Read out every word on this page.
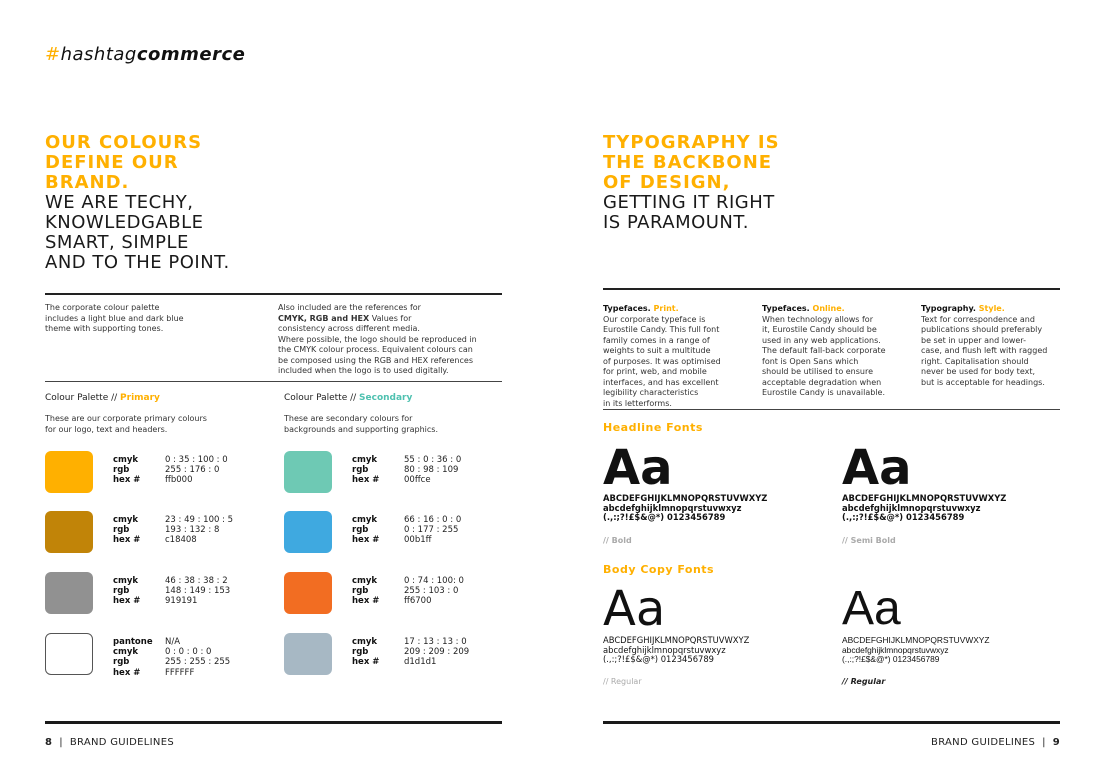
#hashtagcommerce
OUR COLOURS
DEFINE OUR
BRAND.
WE ARE TECHY,
KNOWLEDGABLE
SMART, SIMPLE
AND TO THE POINT.
The corporate colour palette
includes a light blue and dark blue
theme with supporting tones.
Also included are the references for
CMYK, RGB and HEX Values for
consistency across different media.
Where possible, the logo should be reproduced in
the CMYK colour process. Equivalent colours can
be composed using the RGB and HEX references
included when the logo is to used digitally.
Colour Palette // Primary
These are our corporate primary colours
for our logo, text and headers.
cmyk	0 : 35 : 100 : 0
rgb	255 : 176 : 0
hex #	ffb000
cmyk	23 : 49 : 100 : 5
rgb	193 : 132 : 8
hex #	c18408
cmyk	46 : 38 : 38 : 2
rgb	148 : 149 : 153
hex #	919191
pantone	N/A
cmyk	0 : 0 : 0 : 0
rgb	255 : 255 : 255
hex #	FFFFFF
Colour Palette // Secondary
These are secondary colours for
backgrounds and supporting graphics.
cmyk	55 : 0 : 36 : 0
rgb	80 : 98 : 109
hex #	00ffce
cmyk	66 : 16 : 0 : 0
rgb	0 : 177 : 255
hex #	00b1ff
cmyk	0 : 74 : 100: 0
rgb	255 : 103 : 0
hex #	ff6700
cmyk	17 : 13 : 13 : 0
rgb	209 : 209 : 209
hex #	d1d1d1
8  |  BRAND GUIDELINES
TYPOGRAPHY IS
THE BACKBONE
OF DESIGN,
GETTING IT RIGHT
IS PARAMOUNT.
Typefaces. Print.
Our corporate typeface is
Eurostile Candy. This full font
family comes in a range of
weights to suit a multitude
of purposes. It was optimised
for print, web, and mobile
interfaces, and has excellent
legibility characteristics
in its letterforms.
Typefaces. Online.
When technology allows for
it, Eurostile Candy should be
used in any web applications.
The default fall-back corporate
font is Open Sans which
should be utilised to ensure
acceptable degradation when
Eurostile Candy is unavailable.
Typography. Style.
Text for correspondence and
publications should preferably
be set in upper and lower-
case, and flush left with ragged
right. Capitalisation should
never be used for body text,
but is acceptable for headings.
Headline Fonts
Aa
ABCDEFGHIJKLMNOPQRSTUVWXYZ
abcdefghijklmnopqrstuvwxyz
(.,:;?!£$&@*) 0123456789
// Bold
Aa
ABCDEFGHIJKLMNOPQRSTUVWXYZ
abcdefghijklmnopqrstuvwxyz
(.,:;?!£$&@*) 0123456789
// Semi Bold
Body Copy Fonts
Aa
ABCDEFGHIJKLMNOPQRSTUVWXYZ
abcdefghijklmnopqrstuvwxyz
(.,:;?!£$&@*) 0123456789
// Regular
Aa
ABCDEFGHIJKLMNOPQRSTUVWXYZ
abcdefghijklmnopqrstuvwxyz
(.,:;?!£$&@*) 0123456789
// Regular
BRAND GUIDELINES  |  9
